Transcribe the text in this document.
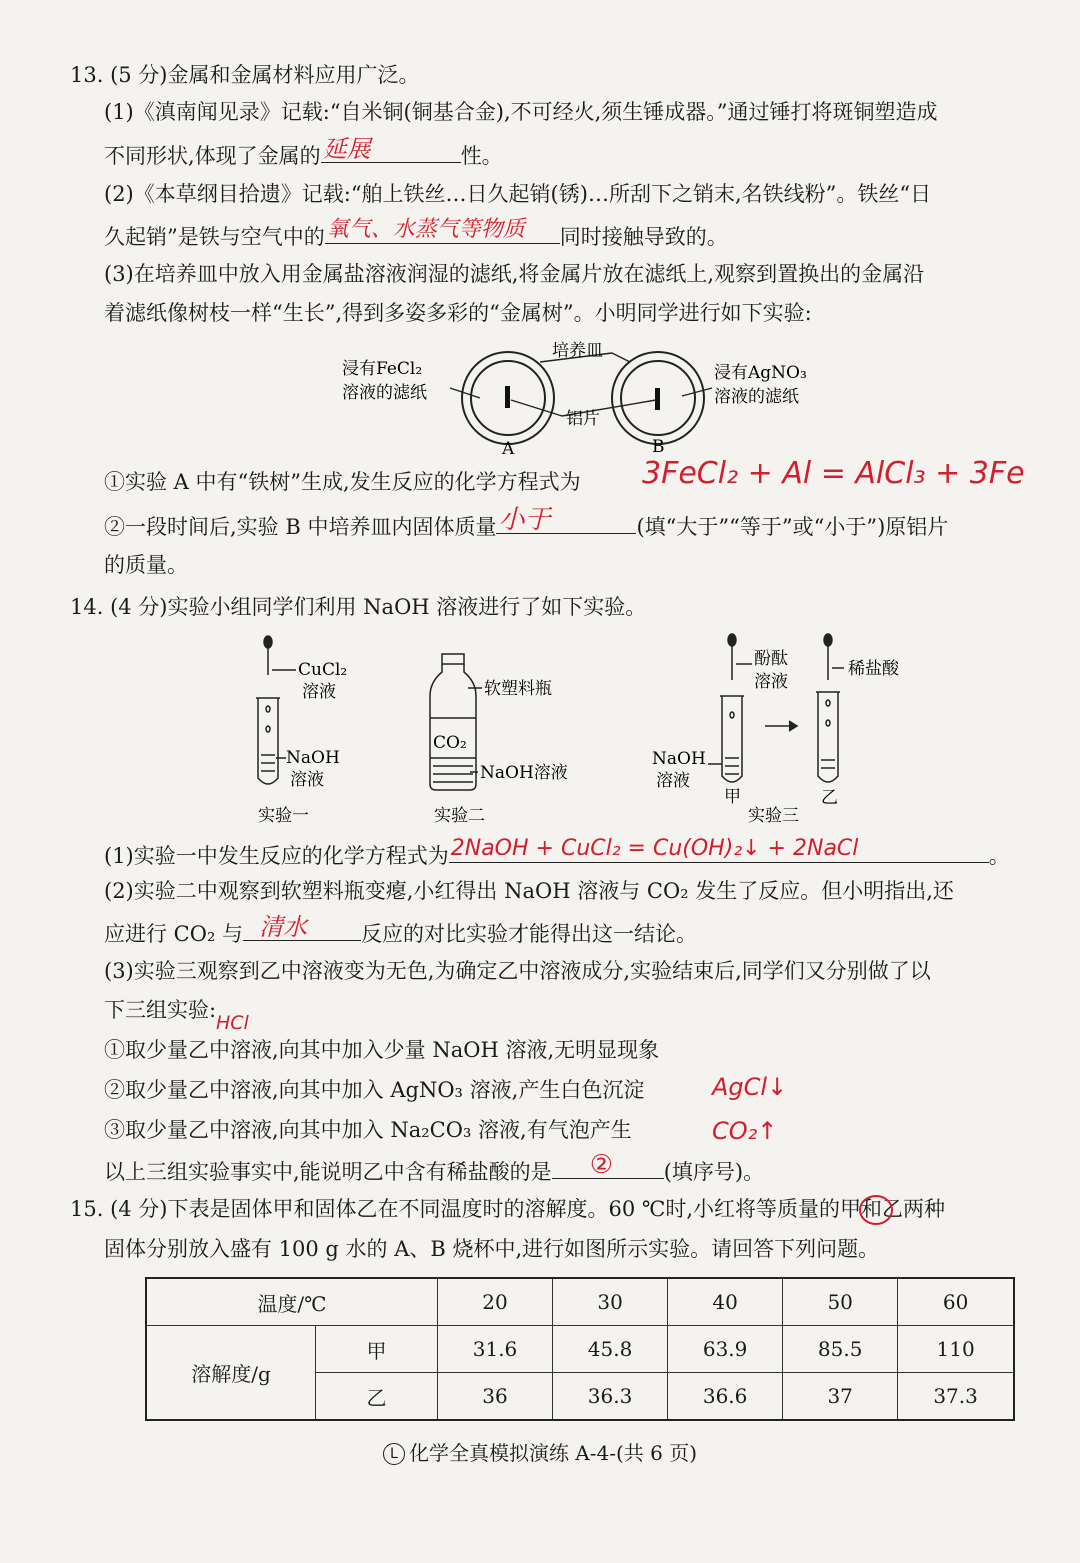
13. (5 分)金属和金属材料应用广泛。
(1)《滇南闻见录》记载:“自米铜(铜基合金),不可经火,须生锤成器。”通过锤打将斑铜塑造成
不同形状,体现了金属的 延展	性。
(2)《本草纲目拾遗》记载:“舶上铁丝…日久起销(锈)…所刮下之销末,名铁线粉”。铁丝“日
久起销”是铁与空气中的 氧气、水蒸气等物质 同时接触导致的。
(3)在培养皿中放入用金属盐溶液润湿的滤纸,将金属片放在滤纸上,观察到置换出的金属沿
着滤纸像树枝一样“生长”,得到多姿多彩的“金属树”。小明同学进行如下实验:
浸有FeCl₂
溶液的滤纸
培养皿
铝片
浸有AgNO₃
溶液的滤纸
A	B
①实验 A 中有“铁树”生成,发生反应的化学方程式为 3FeCl₂ + Al = AlCl₃ + 3Fe
②一段时间后,实验 B 中培养皿内固体质量 小于	(填“大于”“等于”或“小于”)原铝片
的质量。
14. (4 分)实验小组同学们利用 NaOH 溶液进行了如下实验。
CuCl₂
溶液
NaOH
溶液
实验一
软塑料瓶
CO₂
NaOH溶液
实验二
酚酞
溶液
稀盐酸
NaOH
溶液
甲	乙
实验三
(1)实验一中发生反应的化学方程式为 2NaOH + CuCl₂ = Cu(OH)₂↓ + 2NaCl	。
(2)实验二中观察到软塑料瓶变瘪,小红得出 NaOH 溶液与 CO₂ 发生了反应。但小明指出,还
应进行 CO₂ 与 清水	反应的对比实验才能得出这一结论。
(3)实验三观察到乙中溶液变为无色,为确定乙中溶液成分,实验结束后,同学们又分别做了以
下三组实验:
HCl
①取少量乙中溶液,向其中加入少量 NaOH 溶液,无明显现象
②取少量乙中溶液,向其中加入 AgNO₃ 溶液,产生白色沉淀	AgCl↓
③取少量乙中溶液,向其中加入 Na₂CO₃ 溶液,有气泡产生	CO₂↑
以上三组实验事实中,能说明乙中含有稀盐酸的是 ② (填序号)。
15. (4 分)下表是固体甲和固体乙在不同温度时的溶解度。60 ℃时,小红将等质量的甲和乙两种
固体分别放入盛有 100 g 水的 A、B 烧杯中,进行如图所示实验。请回答下列问题。
温度/℃		20	30	40	50	60
溶解度/g	甲	31.6	45.8	63.9	85.5	110
	乙	36	36.3	36.6	37	37.3
L 化学全真模拟演练 A-4-(共 6 页)
